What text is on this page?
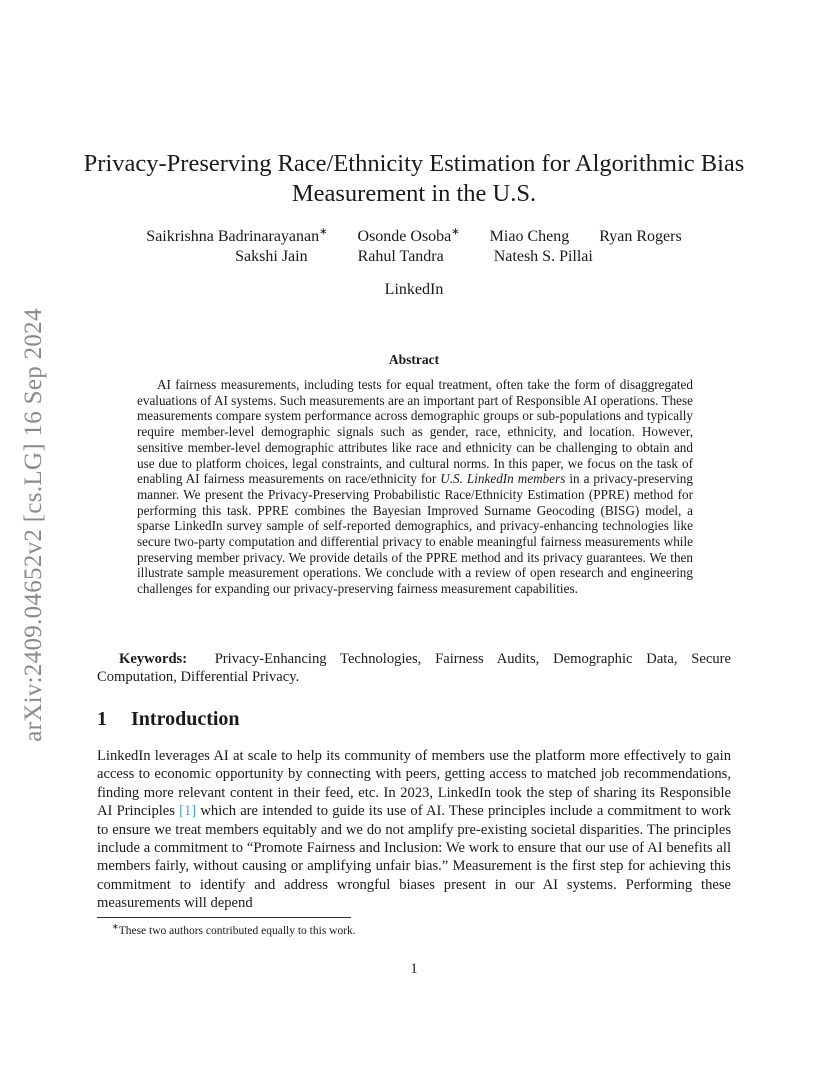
arXiv:2409.04652v2 [cs.LG] 16 Sep 2024
Privacy-Preserving Race/Ethnicity Estimation for Algorithmic Bias Measurement in the U.S.
Saikrishna Badrinarayanan∗ Osonde Osoba∗ Miao Cheng Ryan Rogers
Sakshi Jain	Rahul Tandra	Natesh S. Pillai
LinkedIn
Abstract

AI fairness measurements, including tests for equal treatment, often take the form of disaggregated evaluations of AI systems. Such measurements are an important part of Responsible AI operations. These measurements compare system performance across demographic groups or sub-populations and typically require member-level demographic signals such as gender, race, ethnicity, and location. However, sensitive member-level demographic attributes like race and ethnicity can be challenging to obtain and use due to platform choices, legal constraints, and cultural norms. In this paper, we focus on the task of enabling AI fairness measurements on race/ethnicity for U.S. LinkedIn members in a privacy-preserving manner. We present the Privacy-Preserving Probabilistic Race/Ethnicity Estimation (PPRE) method for performing this task. PPRE combines the Bayesian Improved Surname Geocoding (BISG) model, a sparse LinkedIn survey sample of self-reported demographics, and privacy-enhancing technologies like secure two-party computation and differential privacy to enable meaningful fairness measurements while preserving member privacy. We provide details of the PPRE method and its privacy guarantees. We then illustrate sample measurement operations. We conclude with a review of open research and engineering challenges for expanding our privacy-preserving fairness measurement capabilities.

Keywords: Privacy-Enhancing Technologies, Fairness Audits, Demographic Data, Secure Computation, Differential Privacy.

1 Introduction

LinkedIn leverages AI at scale to help its community of members use the platform more effectively to gain access to economic opportunity by connecting with peers, getting access to matched job recommendations, finding more relevant content in their feed, etc. In 2023, LinkedIn took the step of sharing its Responsible AI Principles [1] which are intended to guide its use of AI. These principles include a commitment to work to ensure we treat members equitably and we do not amplify pre-existing societal disparities. The principles include a commitment to “Promote Fairness and Inclusion: We work to ensure that our use of AI benefits all members fairly, without causing or amplifying unfair bias.” Measurement is the first step for achieving this commitment to identify and address wrongful biases present in our AI systems. Performing these measurements will depend

∗These two authors contributed equally to this work.
1
